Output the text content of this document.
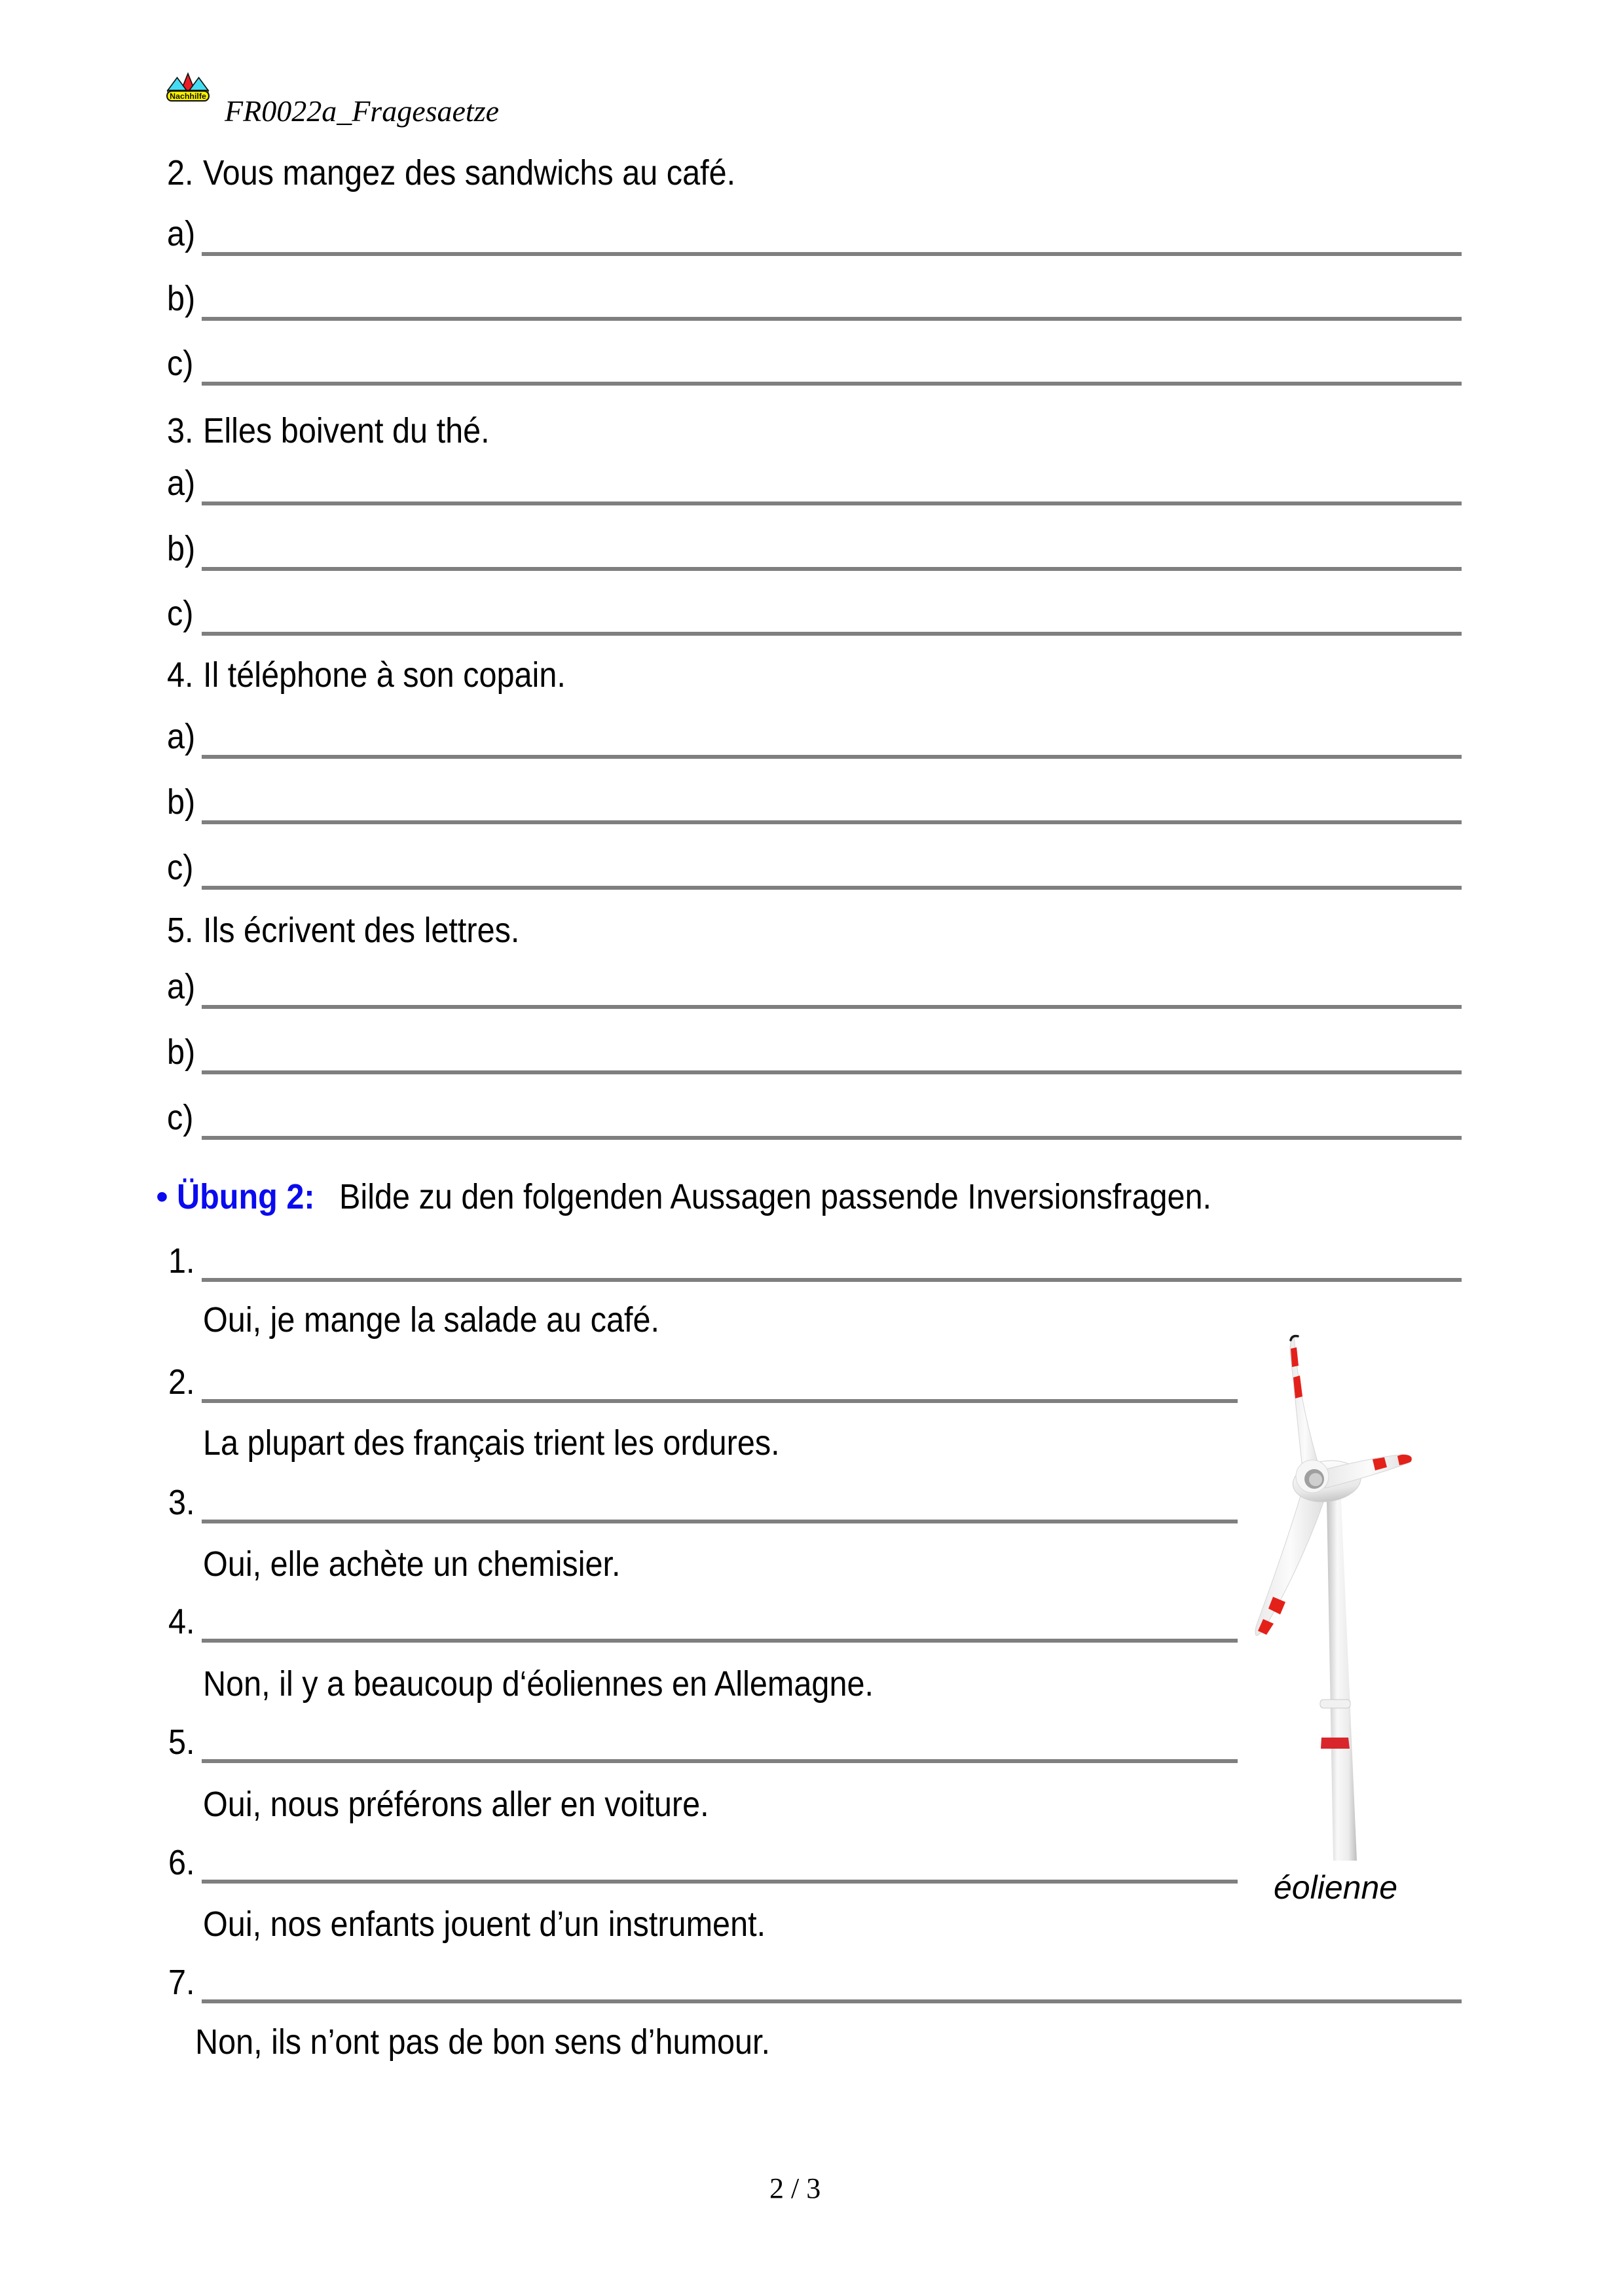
Nachhilfe FR0022a_Fragesaetze
2. Vous mangez des sandwichs au café.
a)
b)
c)
3. Elles boivent du thé.
a)
b)
c)
4. Il téléphone à son copain.
a)
b)
c)
5. Ils écrivent des lettres.
a)
b)
c)
• Übung 2: Bilde zu den folgenden Aussagen passende Inversionsfragen.
1.
Oui, je mange la salade au café.
2.
La plupart des français trient les ordures.
3.
Oui, elle achète un chemisier.
4.
Non, il y a beaucoup d‘éoliennes en Allemagne.
5.
Oui, nous préférons aller en voiture.
6.
Oui, nos enfants jouent d’un instrument.
7.
Non, ils n’ont pas de bon sens d’humour.
éolienne
2 / 3
